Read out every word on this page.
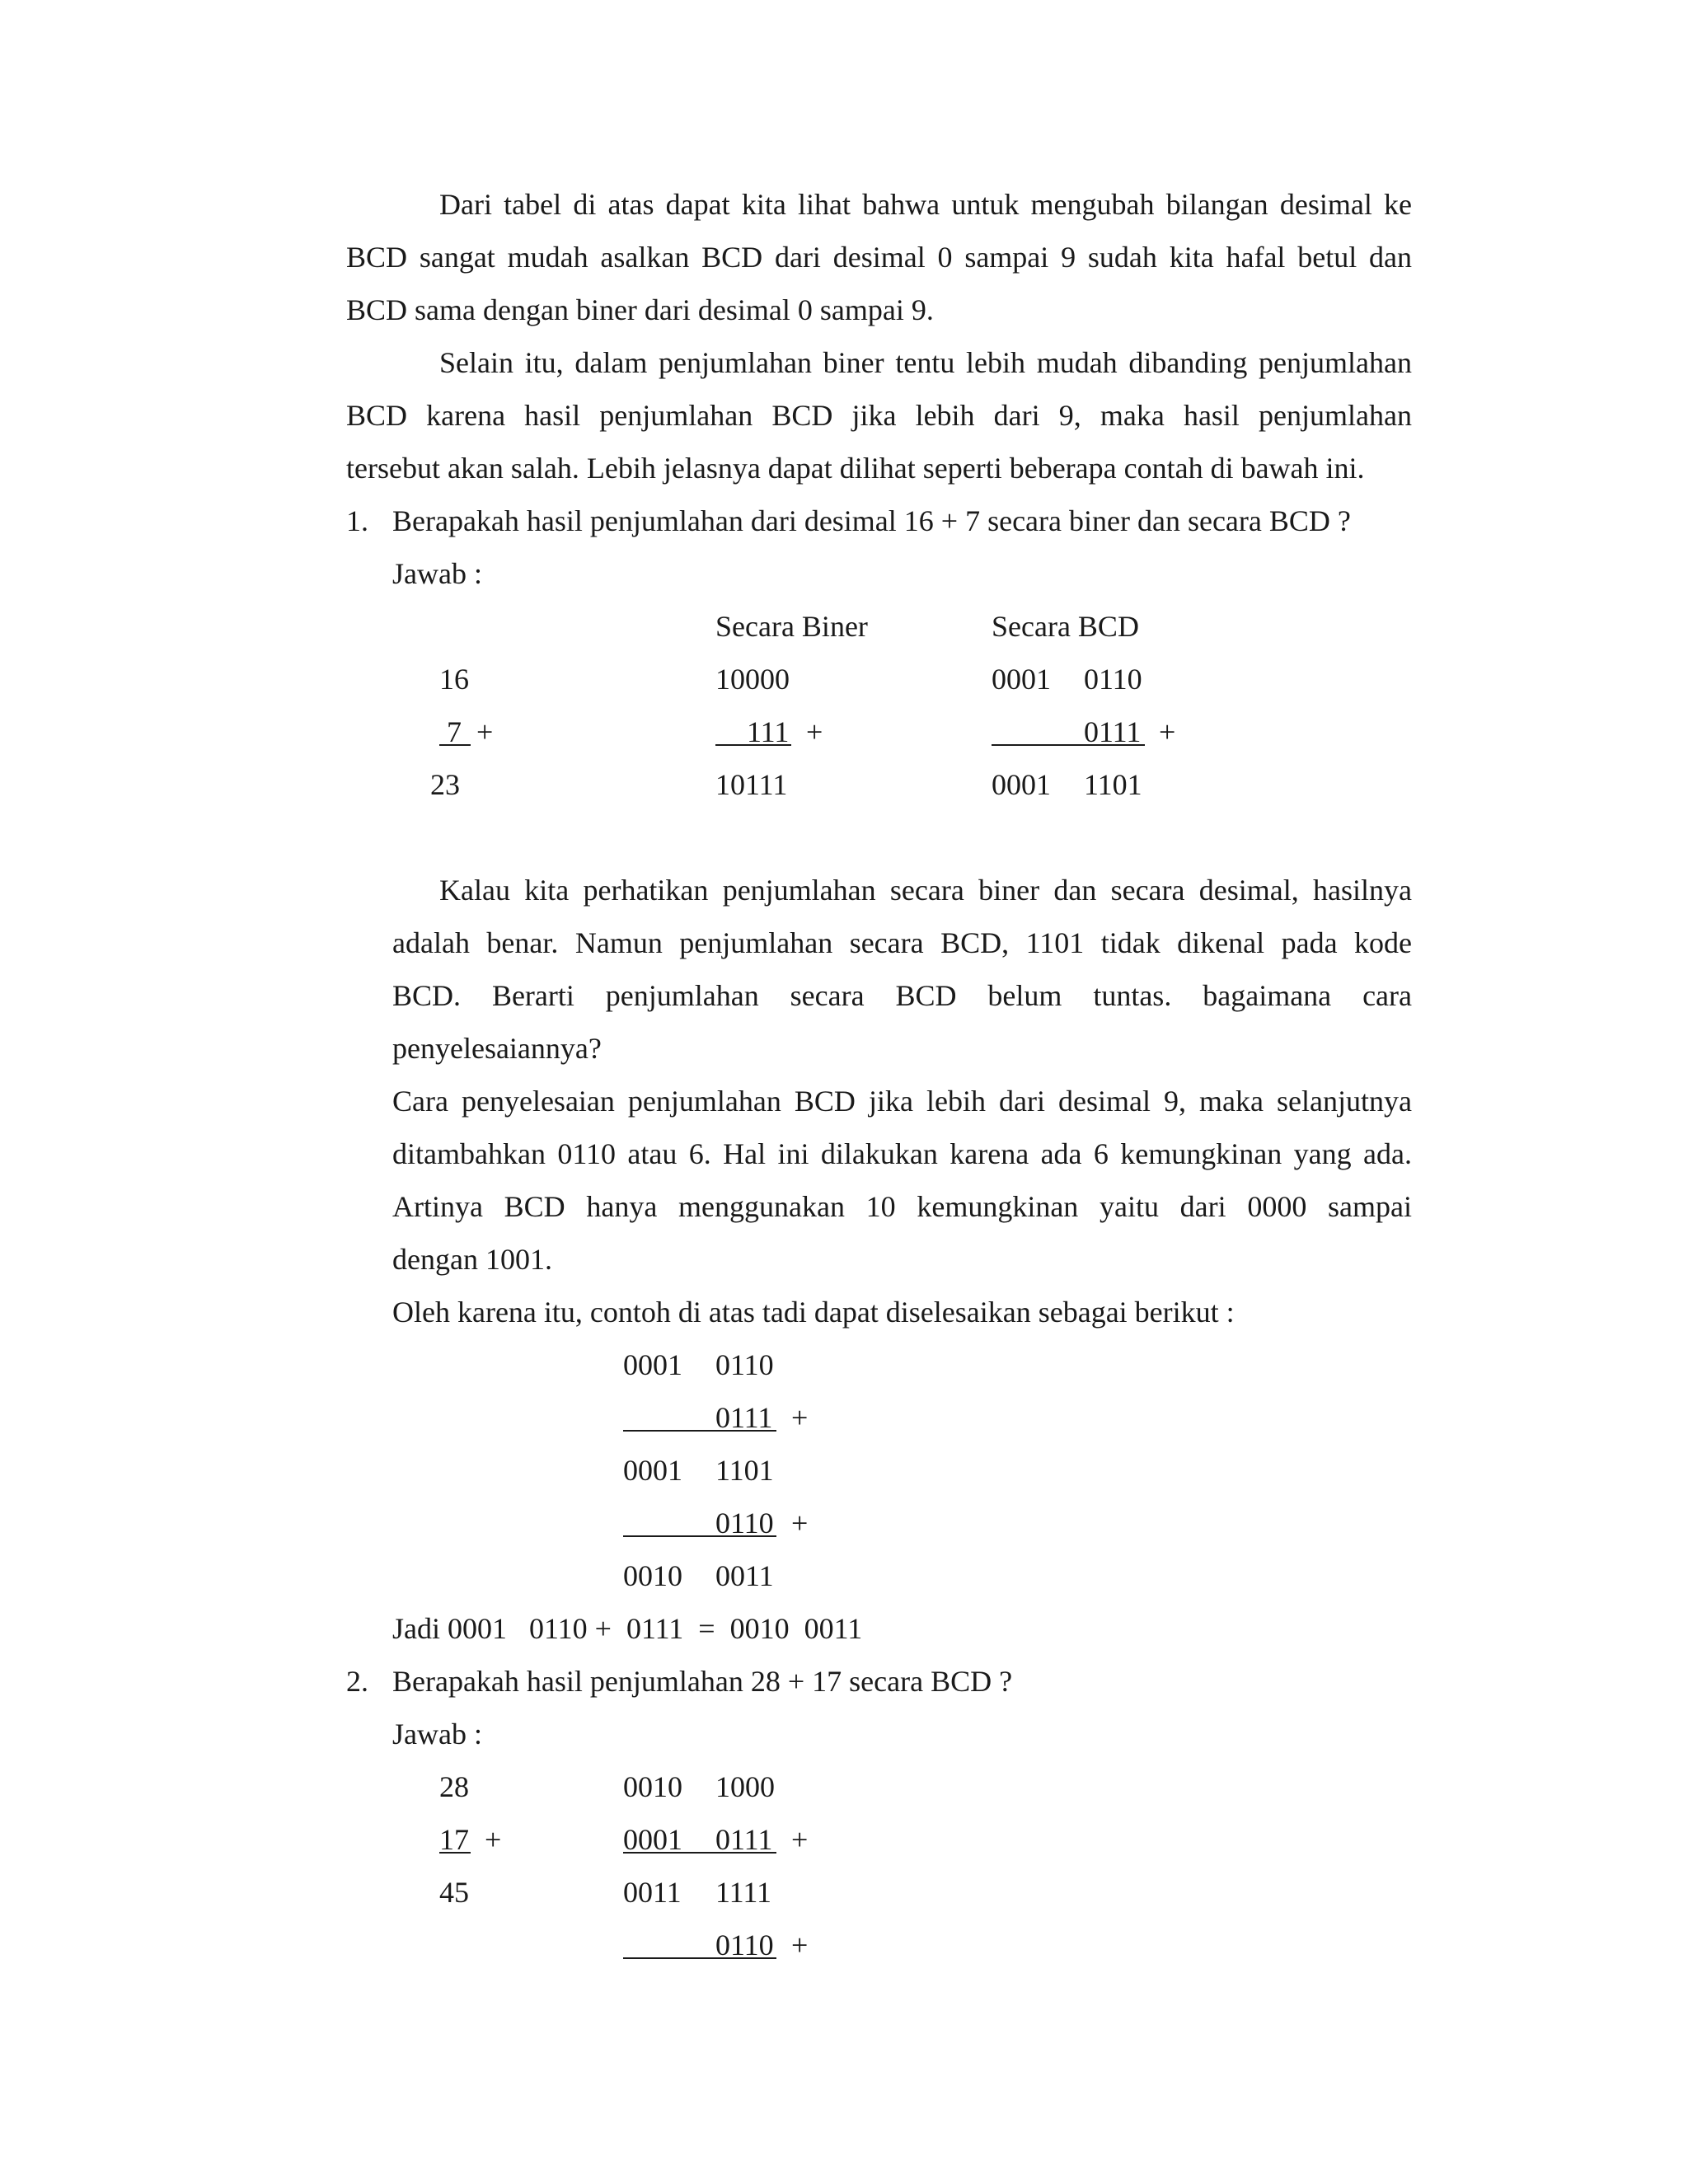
Dari tabel di atas dapat kita lihat bahwa untuk mengubah bilangan desimal ke
BCD sangat mudah asalkan BCD dari desimal 0 sampai 9 sudah kita hafal betul dan
BCD sama dengan biner dari desimal 0 sampai 9.
Selain itu, dalam penjumlahan biner tentu lebih mudah dibanding penjumlahan
BCD karena hasil penjumlahan BCD jika lebih dari 9, maka hasil penjumlahan
tersebut akan salah. Lebih jelasnya dapat dilihat seperti beberapa contah di bawah ini.
1. Berapakah hasil penjumlahan dari desimal 16 + 7 secara biner dan secara BCD ?
Jawab :
Secara Biner	Secara BCD
16
7 +
23
10000
111 +
10111
0001 0110
0111 +
0001 1101
Kalau kita perhatikan penjumlahan secara biner dan secara desimal, hasilnya
adalah benar. Namun penjumlahan secara BCD, 1101 tidak dikenal pada kode
BCD. Berarti penjumlahan secara BCD belum tuntas. bagaimana cara
penyelesaiannya?
Cara penyelesaian penjumlahan BCD jika lebih dari desimal 9, maka selanjutnya
ditambahkan 0110 atau 6. Hal ini dilakukan karena ada 6 kemungkinan yang ada.
Artinya BCD hanya menggunakan 10 kemungkinan yaitu dari 0000 sampai
dengan 1001.
Oleh karena itu, contoh di atas tadi dapat diselesaikan sebagai berikut :
0001 0110
0111 +
0001 1101
0110 +
0010 0011
Jadi 0001   0110 +  0111  =  0010  0011
2. Berapakah hasil penjumlahan 28 + 17 secara BCD ?
Jawab :
28
17 +
45
0010 1000
0001 0111 +
0011 1111
0110 +
